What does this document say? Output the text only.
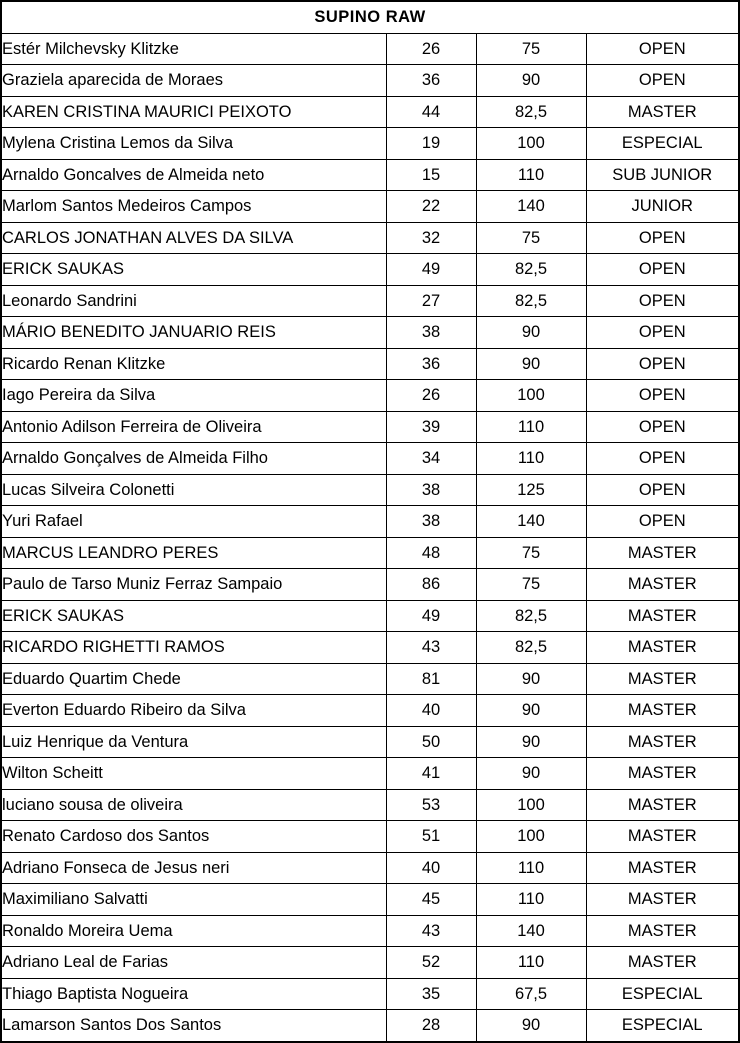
SUPINO RAW			
Estér Milchevsky Klitzke	26	75	OPEN
Graziela aparecida de Moraes	36	90	OPEN
KAREN CRISTINA MAURICI PEIXOTO	44	82,5	MASTER
Mylena Cristina Lemos da Silva	19	100	ESPECIAL
Arnaldo Goncalves de Almeida neto	15	110	SUB JUNIOR
Marlom Santos Medeiros Campos	22	140	JUNIOR
CARLOS JONATHAN ALVES DA SILVA	32	75	OPEN
ERICK SAUKAS	49	82,5	OPEN
Leonardo Sandrini	27	82,5	OPEN
MÁRIO BENEDITO JANUARIO REIS	38	90	OPEN
Ricardo Renan Klitzke	36	90	OPEN
Iago Pereira da Silva	26	100	OPEN
Antonio Adilson Ferreira de Oliveira	39	110	OPEN
Arnaldo Gonçalves de Almeida Filho	34	110	OPEN
Lucas Silveira Colonetti	38	125	OPEN
Yuri Rafael	38	140	OPEN
MARCUS LEANDRO PERES	48	75	MASTER
Paulo de Tarso Muniz Ferraz Sampaio	86	75	MASTER
ERICK SAUKAS	49	82,5	MASTER
RICARDO RIGHETTI RAMOS	43	82,5	MASTER
Eduardo Quartim Chede	81	90	MASTER
Everton Eduardo Ribeiro da Silva	40	90	MASTER
Luiz Henrique da Ventura	50	90	MASTER
Wilton Scheitt	41	90	MASTER
luciano sousa de oliveira	53	100	MASTER
Renato Cardoso dos Santos	51	100	MASTER
Adriano Fonseca de Jesus neri	40	110	MASTER
Maximiliano Salvatti	45	110	MASTER
Ronaldo Moreira Uema	43	140	MASTER
Adriano Leal de Farias	52	110	MASTER
Thiago Baptista Nogueira	35	67,5	ESPECIAL
Lamarson Santos Dos Santos	28	90	ESPECIAL
